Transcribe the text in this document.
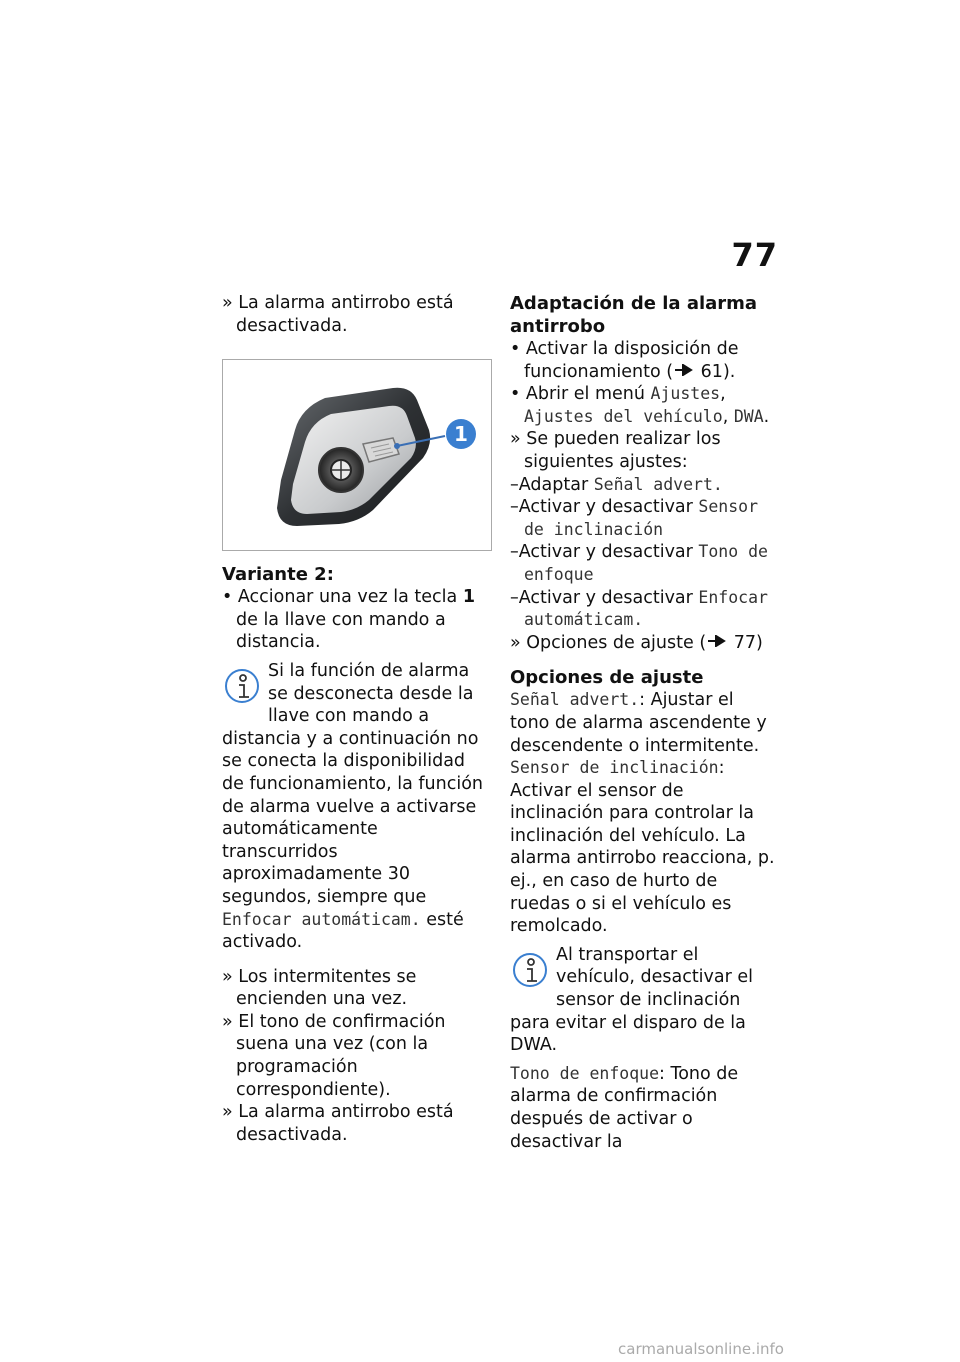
77

» La alarma antirrobo está desactivada.

1

Variante 2:

• Accionar una vez la tecla 1 de la llave con mando a distancia.

Si la función de alarma se desconecta desde la llave con mando a distancia y a continuación no se conecta la disponibilidad de funcionamiento, la función de alarma vuelve a activarse automáticamente transcurridos aproximadamente 30 segundos, siempre que Enfocar automáticam. esté activado.

» Los intermitentes se encienden una vez.

» El tono de confirmación suena una vez (con la programación correspondiente).

» La alarma antirrobo está desactivada.

Adaptación de la alarma antirrobo

• Activar la disposición de funcionamiento ( 61).

• Abrir el menú Ajustes, Ajustes del vehículo, DWA.

» Se pueden realizar los siguientes ajustes:

–Adaptar Señal advert.

–Activar y desactivar Sensor de inclinación

–Activar y desactivar Tono de enfoque

–Activar y desactivar Enfocar automáticam.

» Opciones de ajuste ( 77)

Opciones de ajuste

Señal advert.: Ajustar el tono de alarma ascendente y descendente o intermitente.

Sensor de inclinación: Activar el sensor de inclinación para controlar la inclinación del vehículo. La alarma antirrobo reacciona, p. ej., en caso de hurto de ruedas o si el vehículo es remolcado.

Al transportar el vehículo, desactivar el sensor de inclinación para evitar el disparo de la DWA.

Tono de enfoque: Tono de alarma de confirmación después de activar o desactivar la

carmanualsonline.info
